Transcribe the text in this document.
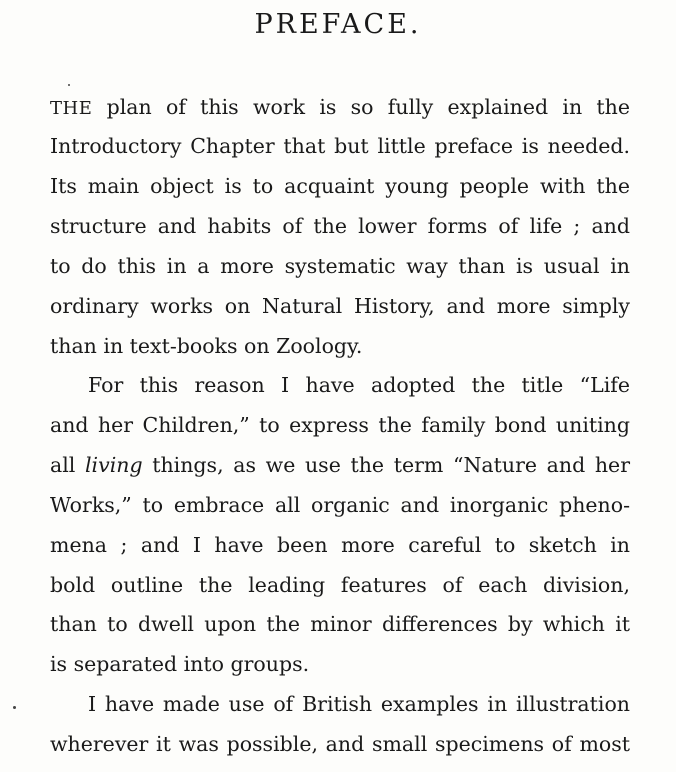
PREFACE.
THE plan of this work is so fully explained in the
Introductory Chapter that but little preface is needed.
Its main object is to acquaint young people with the
structure and habits of the lower forms of life ; and
to do this in a more systematic way than is usual in
ordinary works on Natural History, and more simply
than in text-books on Zoology.
For this reason I have adopted the title “Life
and her Children,” to express the family bond uniting
all living things, as we use the term “Nature and her
Works,” to embrace all organic and inorganic pheno-
mena ; and I have been more careful to sketch in
bold outline the leading features of each division,
than to dwell upon the minor differences by which it
is separated into groups.
I have made use of British examples in illustration
wherever it was possible, and small specimens of most
